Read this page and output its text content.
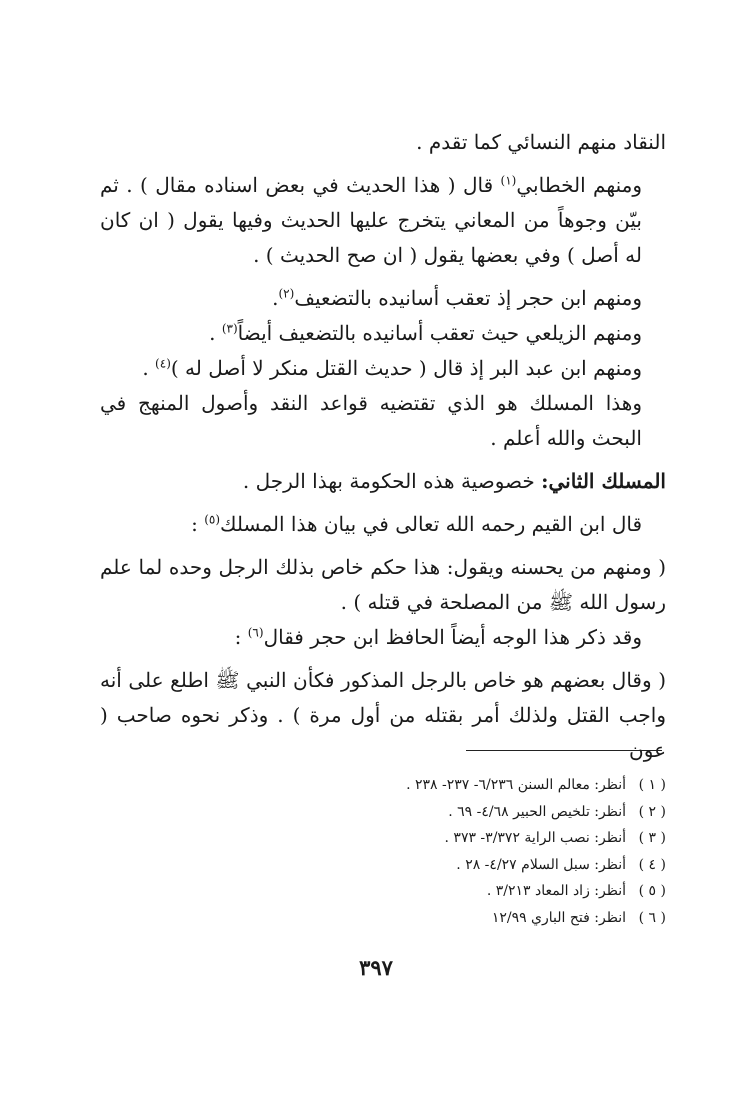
النقاد منهم النسائي كما تقدم .

ومنهم الخطابي$^{(١)}$ قال ( هذا الحديث في بعض اسناده مقال ) . ثم بيّن وجوهاً من المعاني يتخرج عليها الحديث وفيها يقول ( ان كان له أصل ) وفي بعضها يقول ( ان صح الحديث ) .

ومنهم ابن حجر إذ تعقب أسانيده بالتضعيف$^{(٢)}$.

ومنهم الزيلعي حيث تعقب أسانيده بالتضعيف أيضاً$^{(٣)}$ .

ومنهم ابن عبد البر إذ قال ( حديث القتل منكر لا أصل له )$^{(٤)}$ .

وهذا المسلك هو الذي تقتضيه قواعد النقد وأصول المنهج في البحث والله أعلم .

المسلك الثاني: خصوصية هذه الحكومة بهذا الرجل .

قال ابن القيم رحمه الله تعالى في بيان هذا المسلك$^{(٥)}$ :

( ومنهم من يحسنه ويقول: هذا حكم خاص بذلك الرجل وحده لما علم رسول الله ﷺ من المصلحة في قتله ) .

وقد ذكر هذا الوجه أيضاً الحافظ ابن حجر فقال$^{(٦)}$ :

( وقال بعضهم هو خاص بالرجل المذكور فكأن النبي ﷺ اطلع على أنه واجب القتل ولذلك أمر بقتله من أول مرة ) . وذكر نحوه صاحب ( عون

( ١ )
أنظر: معالم السنن ٦/٢٣٦- ٢٣٧- ٢٣٨ .
( ٢ )
أنظر: تلخيص الحبير ٤/٦٨- ٦٩ .
( ٣ )
أنظر: نصب الراية ٣/٣٧٢- ٣٧٣ .
( ٤ )
أنظر: سبل السلام ٤/٢٧- ٢٨ .
( ٥ )
أنظر: زاد المعاد ٣/٢١٣ .
( ٦ )
انظر: فتح الباري ١٢/٩٩
٣٩٧
